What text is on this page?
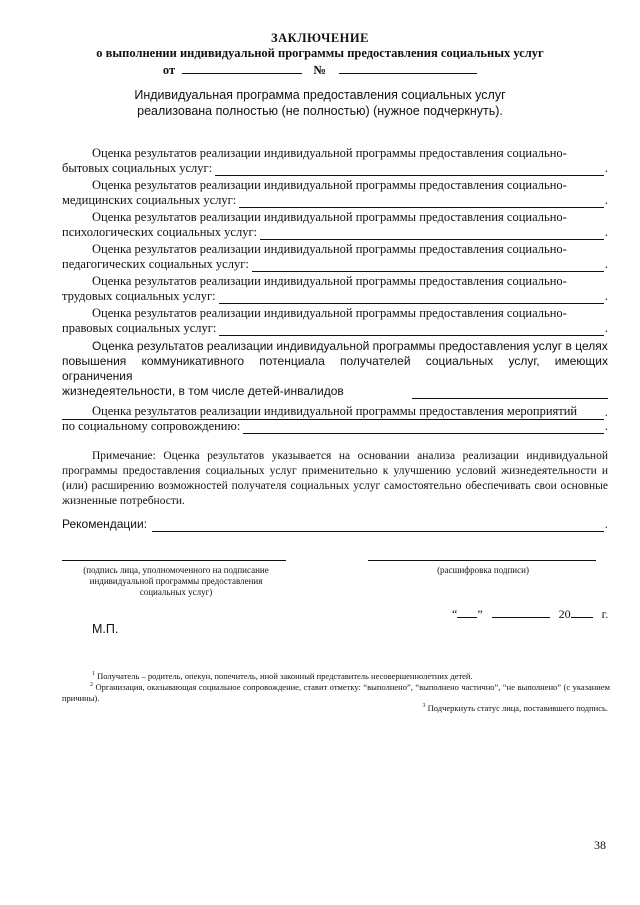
ЗАКЛЮЧЕНИЕ
о выполнении индивидуальной программы предоставления социальных услуг
от	№
Индивидуальная программа предоставления социальных услуг
реализована полностью (не полностью) (нужное подчеркнуть).
Оценка результатов реализации индивидуальной программы предоставления социально-
бытовых социальных услуг:	.
Оценка результатов реализации индивидуальной программы предоставления социально-
медицинских социальных услуг:	.
Оценка результатов реализации индивидуальной программы предоставления социально-
психологических социальных услуг:	.
Оценка результатов реализации индивидуальной программы предоставления социально-
педагогических социальных услуг:	.
Оценка результатов реализации индивидуальной программы предоставления социально-
трудовых социальных услуг:	.
Оценка результатов реализации индивидуальной программы предоставления социально-
правовых социальных услуг:	.
Оценка результатов реализации индивидуальной программы предоставления услуг в целях
повышения коммуникативного потенциала получателей социальных услуг, имеющих ограничения
жизнедеятельности, в том числе детей-инвалидов
.
Оценка результатов реализации индивидуальной программы предоставления мероприятий
по социальному сопровождению:	.
Примечание: Оценка результатов указывается на основании анализа реализации индивидуальной программы предоставления социальных услуг применительно к улучшению условий жизнедеятельности и (или) расширению возможностей получателя социальных услуг самостоятельно обеспечивать свои основные жизненные потребности.
Рекомендации:	.
(подпись лица, уполномоченного на подписание индивидуальной программы предоставления социальных услуг)
(расшифровка подписи)
“ ”	20	г.
М.П.
$^1$ Получатель – родитель, опекун, попечитель, иной законный представитель несовершеннолетних детей.
$^2$ Организация, оказывающая социальное сопровождение, ставит отметку: “выполнено”, “выполнено частично”, “не выполнено” (с указанием причины).
$^3$ Подчеркнуть статус лица, поставившего подпись.
38
